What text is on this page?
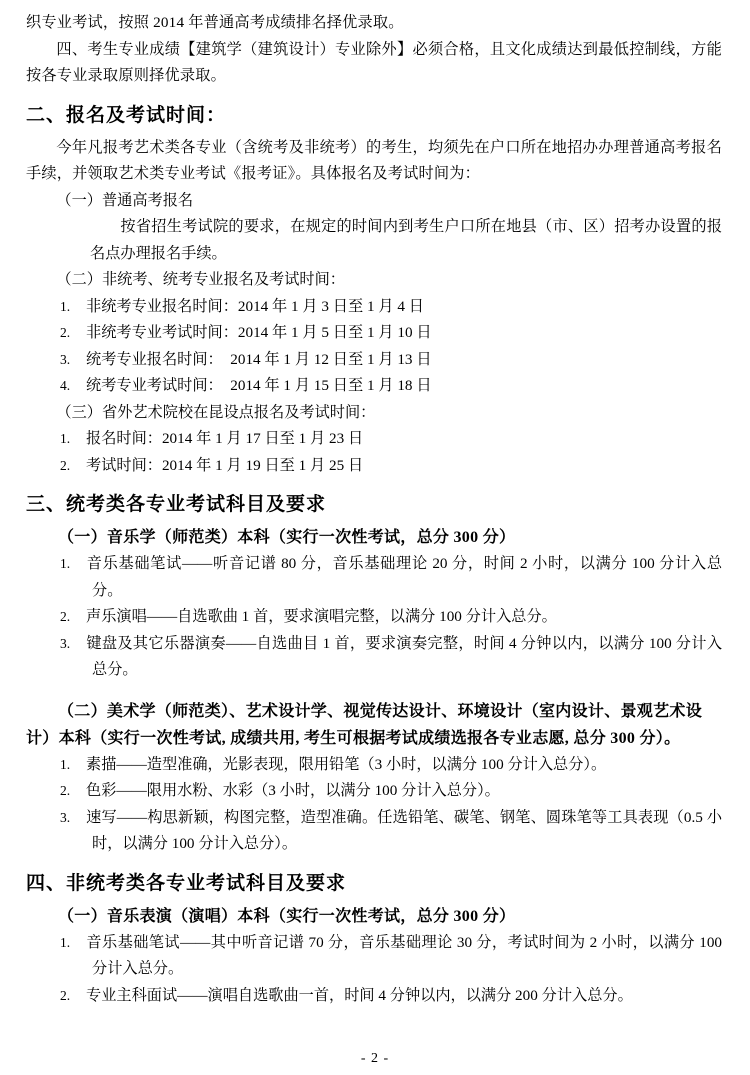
织专业考试，按照 2014 年普通高考成绩排名择优录取。

四、考生专业成绩【建筑学（建筑设计）专业除外】必须合格，且文化成绩达到最低控制线，方能按各专业录取原则择优录取。

二、报名及考试时间：

今年凡报考艺术类各专业（含统考及非统考）的考生，均须先在户口所在地招办办理普通高考报名手续，并领取艺术类专业考试《报考证》。具体报名及考试时间为：

（一）普通高考报名

按省招生考试院的要求，在规定的时间内到考生户口所在地县（市、区）招考办设置的报名点办理报名手续。

（二）非统考、统考专业报名及考试时间：

1. 非统考专业报名时间：2014 年 1 月 3 日至 1 月 4 日
2. 非统考专业考试时间：2014 年 1 月 5 日至 1 月 10 日
3. 统考专业报名时间：　2014 年 1 月 12 日至 1 月 13 日
4. 统考专业考试时间：　2014 年 1 月 15 日至 1 月 18 日

（三）省外艺术院校在昆设点报名及考试时间：

1. 报名时间：2014 年 1 月 17 日至 1 月 23 日
2. 考试时间：2014 年 1 月 19 日至 1 月 25 日
三、统考类各专业考试科目及要求

（一）音乐学（师范类）本科（实行一次性考试，总分 300 分）

1. 音乐基础笔试——听音记谱 80 分，音乐基础理论 20 分，时间 2 小时，以满分 100 分计入总分。
2. 声乐演唱——自选歌曲 1 首，要求演唱完整，以满分 100 分计入总分。
3. 键盘及其它乐器演奏——自选曲目 1 首，要求演奏完整，时间 4 分钟以内，以满分 100 分计入总分。

（二）美术学（师范类）、艺术设计学、视觉传达设计、环境设计（室内设计、景观艺术设计）本科（实行一次性考试, 成绩共用, 考生可根据考试成绩选报各专业志愿, 总分 300 分）。

1. 素描——造型准确，光影表现，限用铅笔（3 小时，以满分 100 分计入总分）。
2. 色彩——限用水粉、水彩（3 小时，以满分 100 分计入总分）。
3. 速写——构思新颖，构图完整，造型准确。任选铅笔、碳笔、钢笔、圆珠笔等工具表现（0.5 小时，以满分 100 分计入总分）。
四、非统考类各专业考试科目及要求

（一）音乐表演（演唱）本科（实行一次性考试，总分 300 分）

1. 音乐基础笔试——其中听音记谱 70 分，音乐基础理论 30 分，考试时间为 2 小时，以满分 100 分计入总分。
2. 专业主科面试——演唱自选歌曲一首，时间 4 分钟以内，以满分 200 分计入总分。
- 2 -
